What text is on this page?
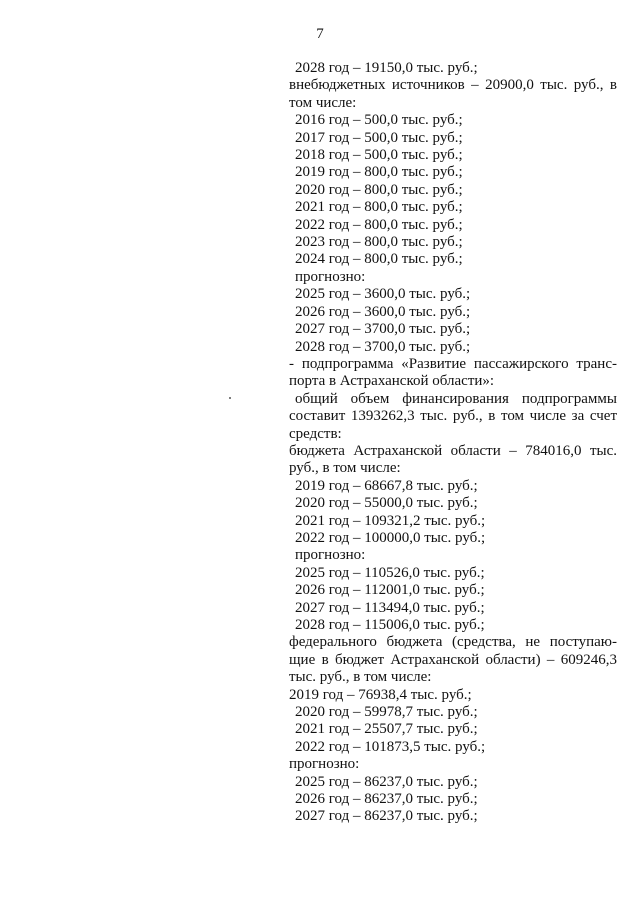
7
2028 год – 19150,0 тыс. руб.;
внебюджетных источников – 20900,0 тыс. руб., в
том числе:
2016 год – 500,0 тыс. руб.;
2017 год – 500,0 тыс. руб.;
2018 год – 500,0 тыс. руб.;
2019 год – 800,0 тыс. руб.;
2020 год – 800,0 тыс. руб.;
2021 год – 800,0 тыс. руб.;
2022 год – 800,0 тыс. руб.;
2023 год – 800,0 тыс. руб.;
2024 год – 800,0 тыс. руб.;
прогнозно:
2025 год – 3600,0 тыс. руб.;
2026 год – 3600,0 тыс. руб.;
2027 год – 3700,0 тыс. руб.;
2028 год – 3700,0 тыс. руб.;
- подпрограмма «Развитие пассажирского транс-
порта в Астраханской области»:
общий объем финансирования подпрограммы
составит 1393262,3 тыс. руб., в том числе за счет
средств:
бюджета Астраханской области – 784016,0 тыс.
руб., в том числе:
2019 год – 68667,8 тыс. руб.;
2020 год – 55000,0 тыс. руб.;
2021 год – 109321,2 тыс. руб.;
2022 год – 100000,0 тыс. руб.;
прогнозно:
2025 год – 110526,0 тыс. руб.;
2026 год – 112001,0 тыс. руб.;
2027 год – 113494,0 тыс. руб.;
2028 год – 115006,0 тыс. руб.;
федерального бюджета (средства, не поступаю-
щие в бюджет Астраханской области) – 609246,3
тыс. руб., в том числе:
2019 год – 76938,4 тыс. руб.;
2020 год – 59978,7 тыс. руб.;
2021 год – 25507,7 тыс. руб.;
2022 год – 101873,5 тыс. руб.;
прогнозно:
2025 год – 86237,0 тыс. руб.;
2026 год – 86237,0 тыс. руб.;
2027 год – 86237,0 тыс. руб.;
